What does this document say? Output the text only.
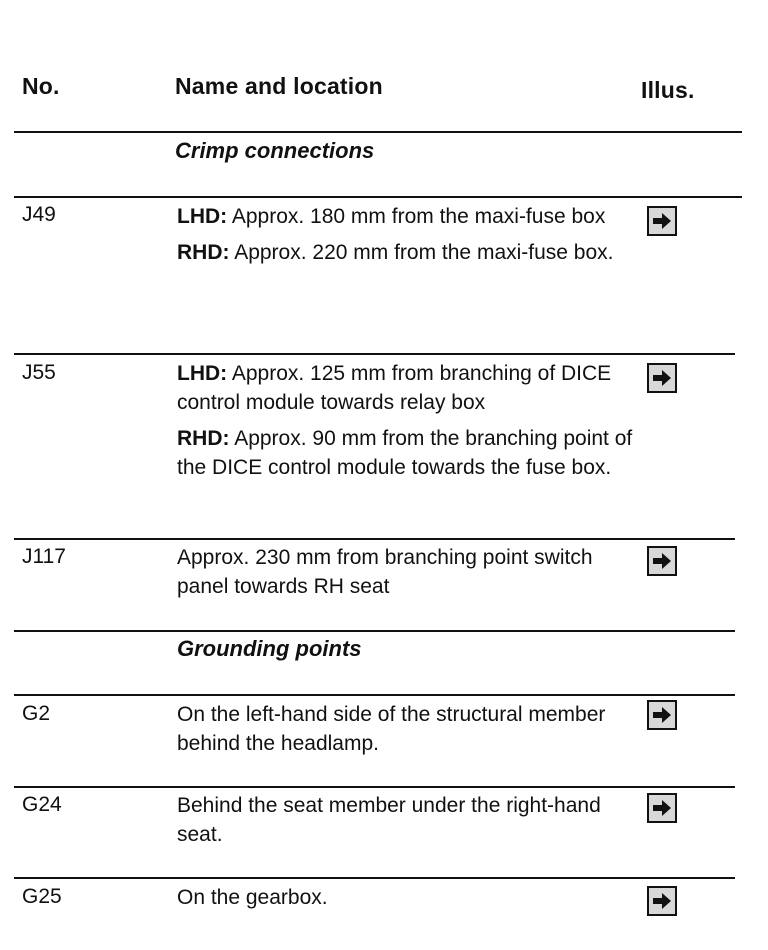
No.	Name and location	Illus.
Crimp connections
J49	LHD: Approx. 180 mm from the maxi-fuse box

RHD: Approx. 220 mm from the maxi-fuse box.

J55	LHD: Approx. 125 mm from branching of DICE control module towards relay box

RHD: Approx. 90 mm from the branching point of the DICE control module towards the fuse box.

J117	Approx. 230 mm from branching point switch panel towards RH seat
Grounding points
G2	On the left-hand side of the structural member behind the headlamp.
G24	Behind the seat member under the right-hand seat.
G25	On the gearbox.
